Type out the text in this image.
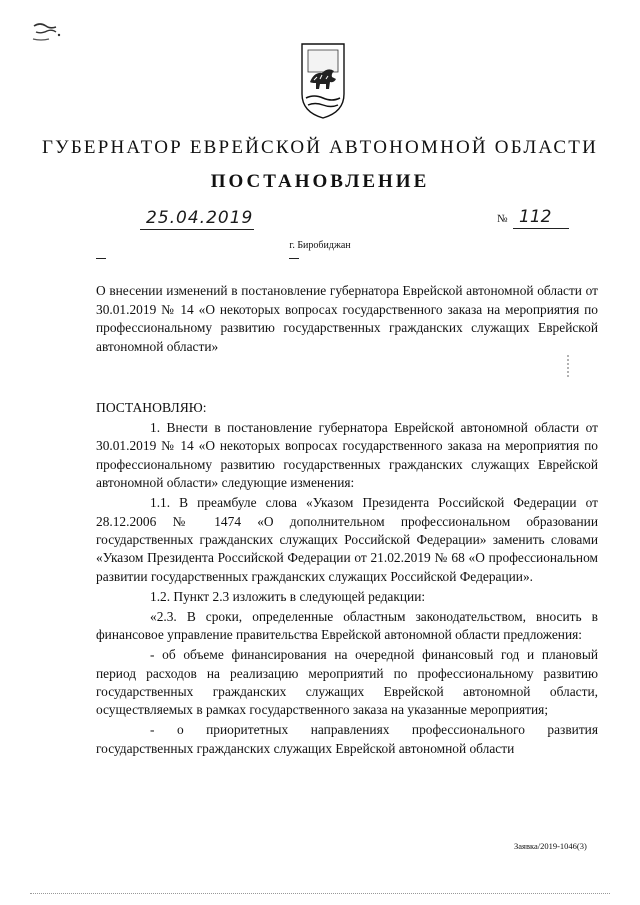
ГУБЕРНАТОР ЕВРЕЙСКОЙ АВТОНОМНОЙ ОБЛАСТИ

ПОСТАНОВЛЕНИЕ

25.04.2019	№ 112
г. Биробиджан

О внесении изменений в постановление губернатора Еврейской автономной области от 30.01.2019 № 14 «О некоторых вопросах государственного заказа на мероприятия по профессиональному развитию государственных гражданских служащих Еврейской автономной области»

ПОСТАНОВЛЯЮ:

1. Внести в постановление губернатора Еврейской автономной области от 30.01.2019 № 14 «О некоторых вопросах государственного заказа на мероприятия по профессиональному развитию государственных гражданских служащих Еврейской автономной области» следующие изменения:

1.1. В преамбуле слова «Указом Президента Российской Федерации от 28.12.2006 № 1474 «О дополнительном профессиональном образовании государственных гражданских служащих Российской Федерации» заменить словами «Указом Президента Российской Федерации от 21.02.2019 № 68 «О профессиональном развитии государственных гражданских служащих Российской Федерации».

1.2. Пункт 2.3 изложить в следующей редакции:

«2.3. В сроки, определенные областным законодательством, вносить в финансовое управление правительства Еврейской автономной области предложения:

- об объеме финансирования на очередной финансовый год и плановый период расходов на реализацию мероприятий по профессиональному развитию государственных гражданских служащих Еврейской автономной области, осуществляемых в рамках государственного заказа на указанные мероприятия;

- о приоритетных направлениях профессионального развития государственных гражданских служащих Еврейской автономной области

Заявка/2019-1046(3)
